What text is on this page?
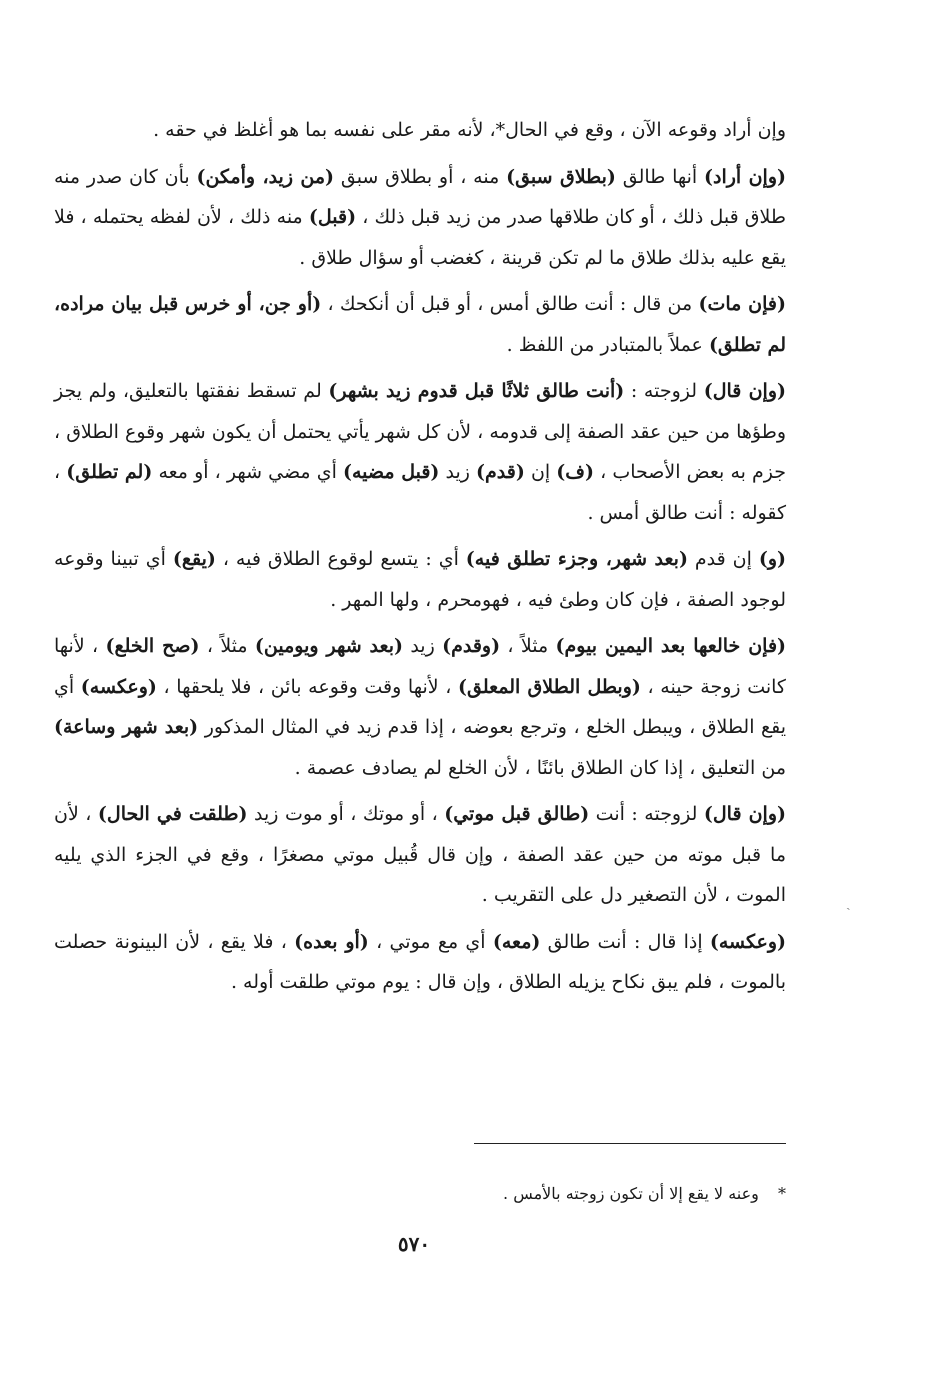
وإن أراد وقوعه الآن ، وقع في الحال*، لأنه مقر على نفسه بما هو أغلظ في حقه .

(وإن أراد) أنها طالق (بطلاق سبق) منه ، أو بطلاق سبق (من زيد، وأمكن) بأن كان صدر منه طلاق قبل ذلك ، أو كان طلاقها صدر من زيد قبل ذلك ، (قبل) منه ذلك ، لأن لفظه يحتمله ، فلا يقع عليه بذلك طلاق ما لم تكن قرينة ، كغضب أو سؤال طلاق .

(فإن مات) من قال : أنت طالق أمس ، أو قبل أن أنكحك ، (أو جن، أو خرس قبل بيان مراده، لم تطلق) عملاً بالمتبادر من اللفظ .

(وإن قال) لزوجته : (أنت طالق ثلاثًا قبل قدوم زيد بشهر) لم تسقط نفقتها بالتعليق، ولم يجز وطؤها من حين عقد الصفة إلى قدومه ، لأن كل شهر يأتي يحتمل أن يكون شهر وقوع الطلاق ، جزم به بعض الأصحاب ، (ف) إن (قدم) زيد (قبل مضيه) أي مضي شهر ، أو معه (لم تطلق) ، كقوله : أنت طالق أمس .

(و) إن قدم (بعد شهر، وجزء تطلق فيه) أي : يتسع لوقوع الطلاق فيه ، (يقع) أي تبينا وقوعه لوجود الصفة ، فإن كان وطئ فيه ، فهومحرم ، ولها المهر .

(فإن خالعها بعد اليمين بيوم) مثلاً ، (وقدم) زيد (بعد شهر ويومين) مثلاً ، (صح الخلع) ، لأنها كانت زوجة حينه ، (وبطل الطلاق المعلق) ، لأنها وقت وقوعه بائن ، فلا يلحقها ، (وعكسه) أي يقع الطلاق ، ويبطل الخلع ، وترجع بعوضه ، إذا قدم زيد في المثال المذكور (بعد شهر وساعة) من التعليق ، إذا كان الطلاق بائنًا ، لأن الخلع لم يصادف عصمة .

(وإن قال) لزوجته : أنت (طالق قبل موتي) ، أو موتك ، أو موت زيد (طلقت في الحال) ، لأن ما قبل موته من حين عقد الصفة ، وإن قال قُبيل موتي مصغرًا ، وقع في الجزء الذي يليه الموت ، لأن التصغير دل على التقريب .

(وعكسه) إذا قال : أنت طالق (معه) أي مع موتي ، (أو بعده) ، فلا يقع ، لأن البينونة حصلت بالموت ، فلم يبق نكاح يزيله الطلاق ، وإن قال : يوم موتي طلقت أوله .

ˎ
* وعنه لا يقع إلا أن تكون زوجته بالأمس .
٥٧٠
